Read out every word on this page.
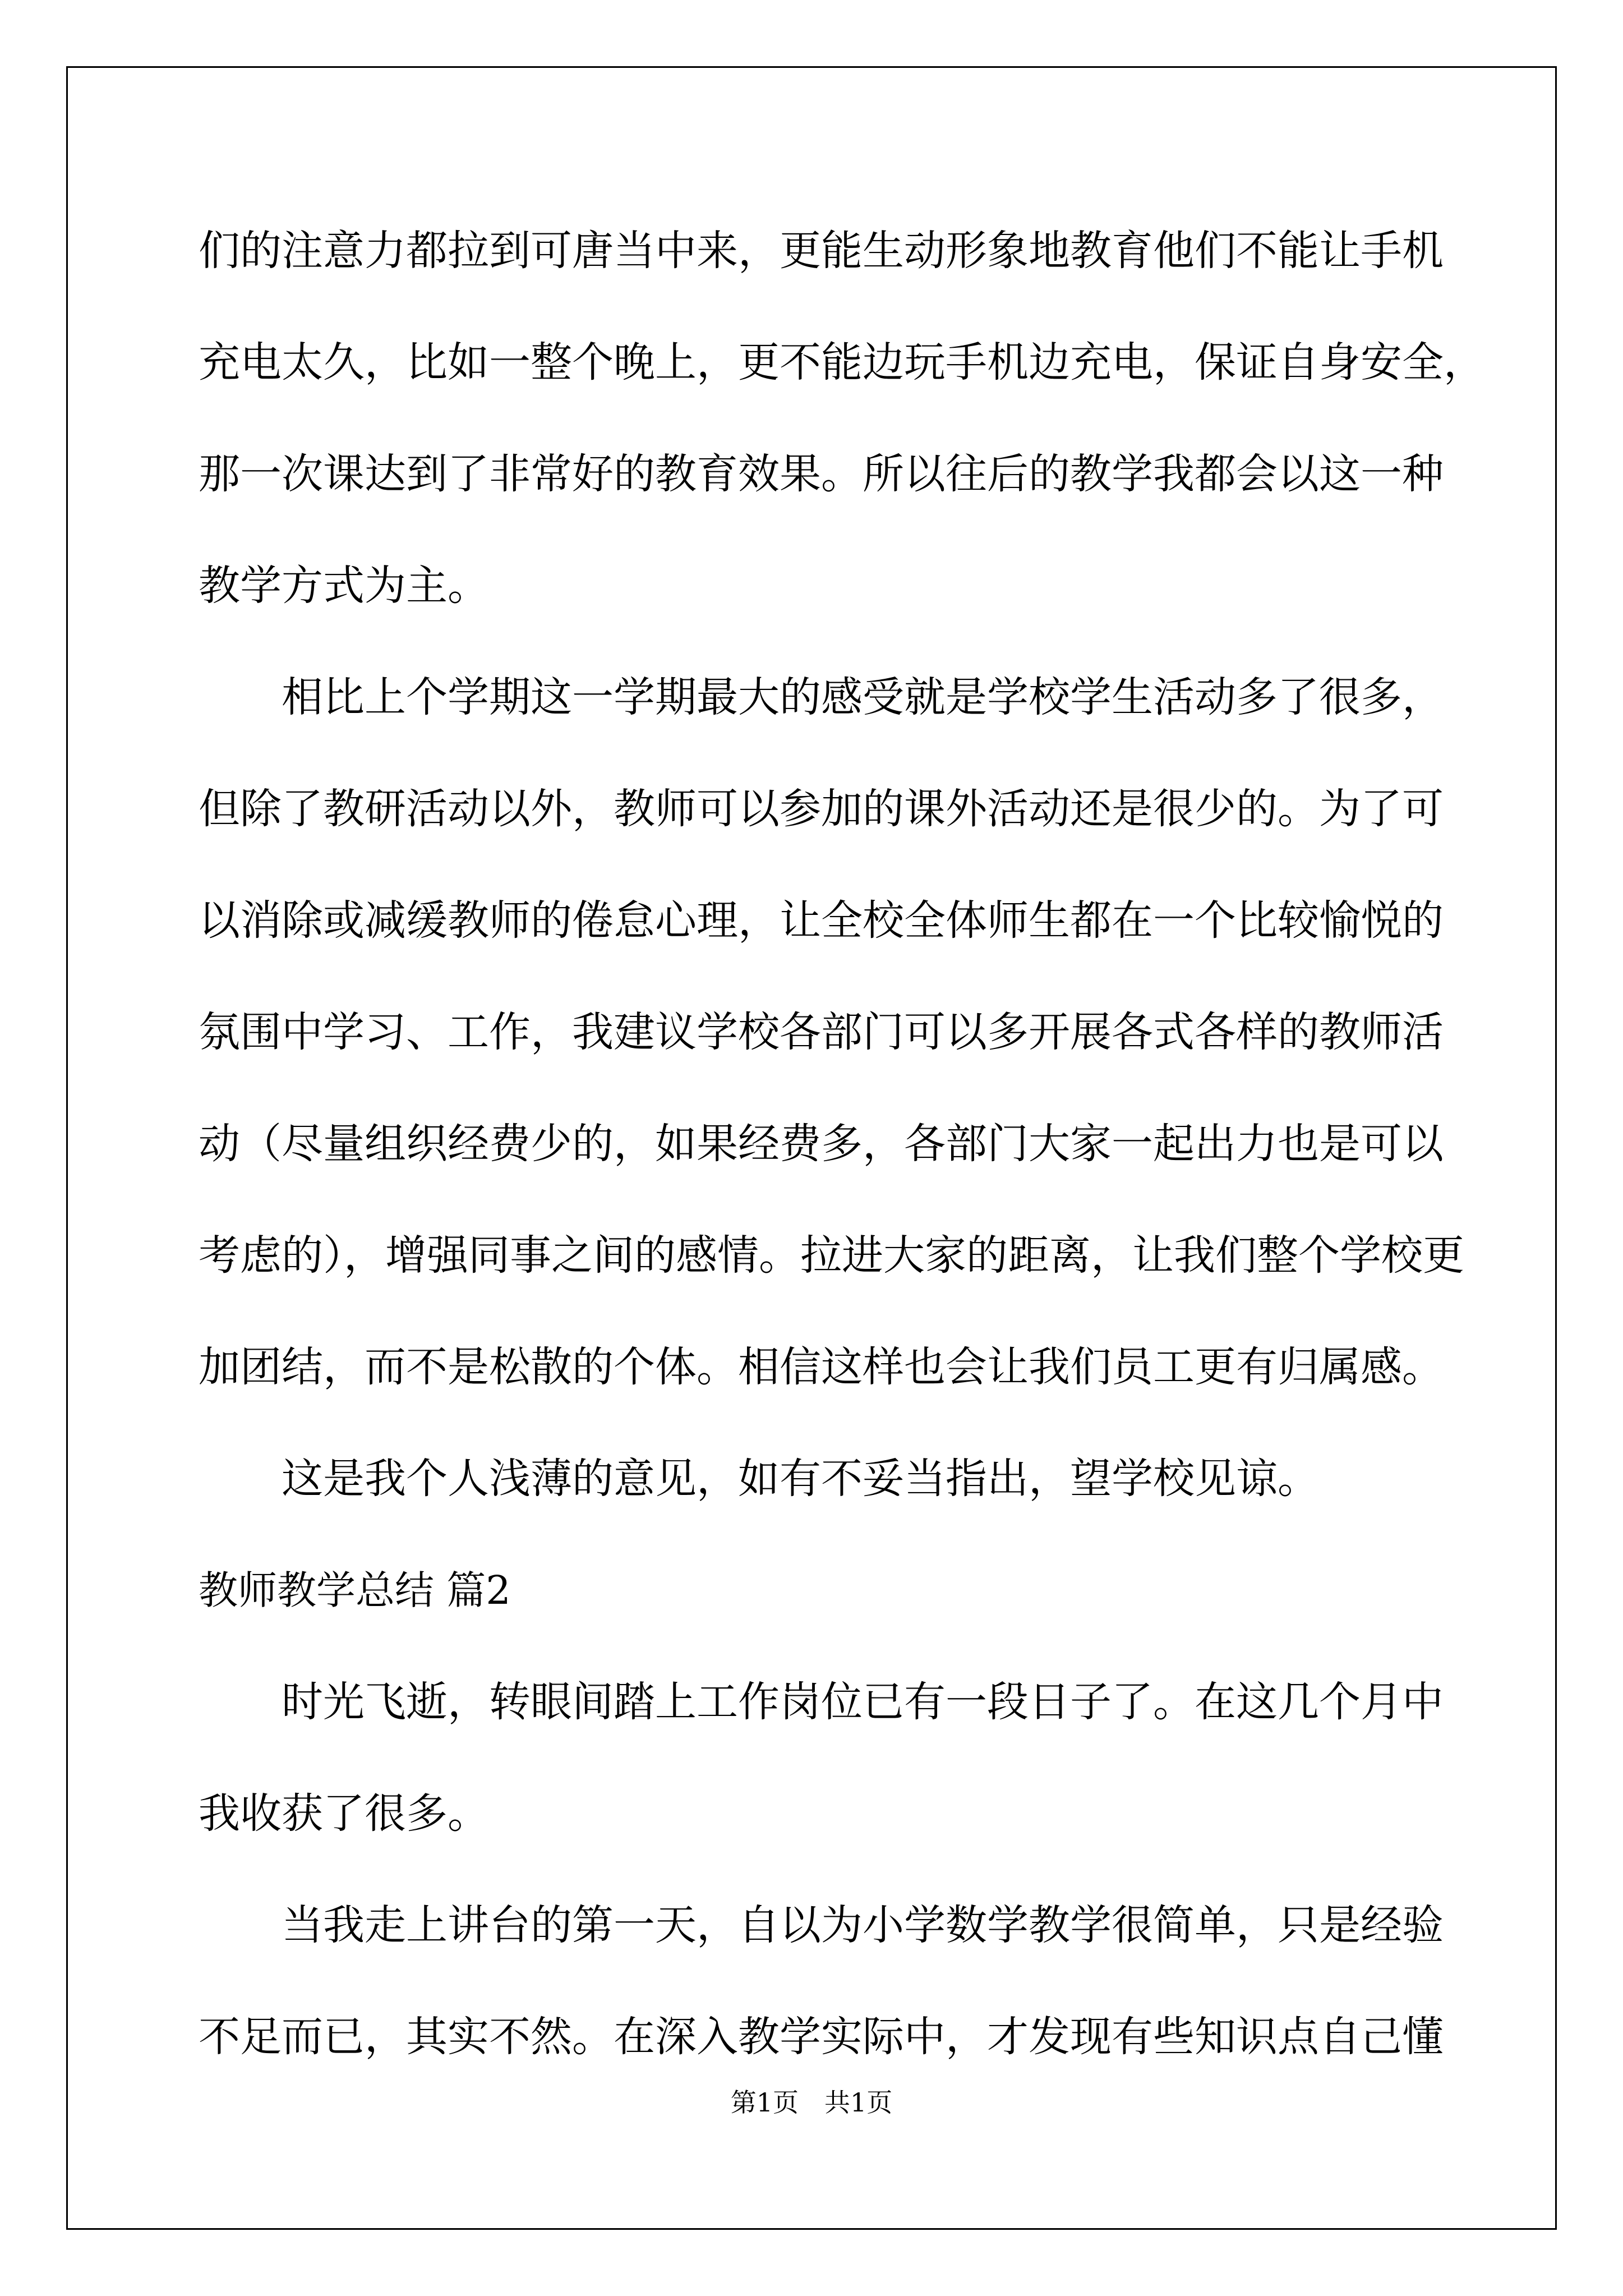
们的注意力都拉到可唐当中来，更能生动形象地教育他们不能让手机
充电太久，比如一整个晚上，更不能边玩手机边充电，保证自身安全，
那一次课达到了非常好的教育效果。所以往后的教学我都会以这一种
教学方式为主。
　　相比上个学期这一学期最大的感受就是学校学生活动多了很多，
但除了教研活动以外，教师可以参加的课外活动还是很少的。为了可
以消除或减缓教师的倦怠心理，让全校全体师生都在一个比较愉悦的
氛围中学习、工作，我建议学校各部门可以多开展各式各样的教师活
动（尽量组织经费少的，如果经费多，各部门大家一起出力也是可以
考虑的），增强同事之间的感情。拉进大家的距离，让我们整个学校更
加团结，而不是松散的个体。相信这样也会让我们员工更有归属感。
　　这是我个人浅薄的意见，如有不妥当指出，望学校见谅。
教师教学总结 篇2
　　时光飞逝，转眼间踏上工作岗位已有一段日子了。在这几个月中
我收获了很多。
　　当我走上讲台的第一天，自以为小学数学教学很简单，只是经验
不足而已，其实不然。在深入教学实际中，才发现有些知识点自己懂
第1页　共1页
